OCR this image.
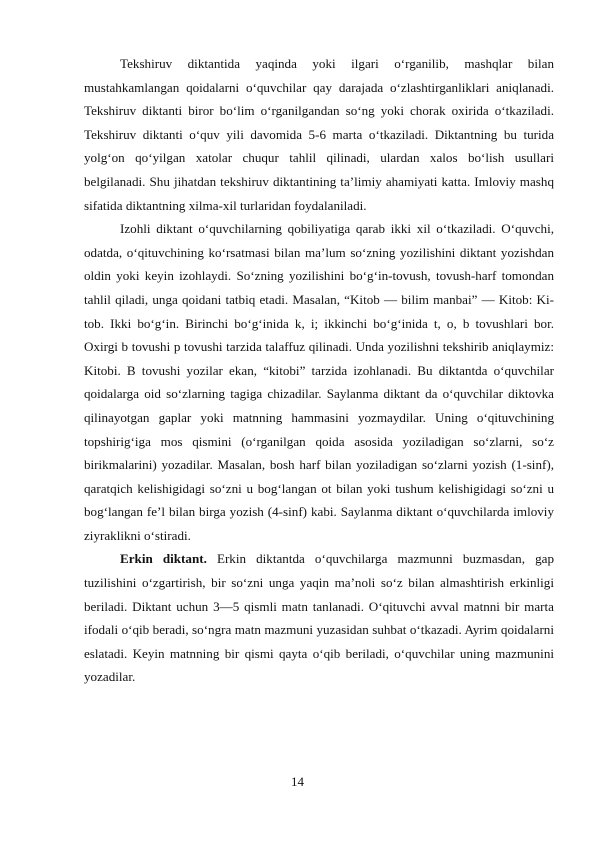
Tekshiruv diktantida yaqinda yoki ilgari o‘rganilib, mashqlar bilan mustahkamlangan qoidalarni o‘quvchilar qay darajada o‘zlashtirganliklari aniqlanadi. Tekshiruv diktanti biror bo‘lim o‘rganilgandan so‘ng yoki chorak oxirida o‘tkaziladi. Tekshiruv diktanti o‘quv yili davomida 5-6 marta o‘tkaziladi. Diktantning bu turida yolg‘on qo‘yilgan xatolar chuqur tahlil qilinadi, ulardan xalos bo‘lish usullari belgilanadi. Shu jihatdan tekshiruv diktantining ta’limiy ahamiyati katta. Imloviy mashq sifatida diktantning xilma-xil turlaridan foydalaniladi.

Izohli diktant o‘quvchilarning qobiliyatiga qarab ikki xil o‘tkaziladi. O‘quvchi, odatda, o‘qituvchining ko‘rsatmasi bilan ma’lum so‘zning yozilishini diktant yozishdan oldin yoki keyin izohlaydi. So‘zning yozilishini bo‘g‘in-tovush, tovush-harf tomondan tahlil qiladi, unga qoidani tatbiq etadi. Masalan, “Kitob — bilim manbai” — Kitob: Ki-tob. Ikki bo‘g‘in. Birinchi bo‘g‘inida k, i; ikkinchi bo‘g‘inida t, o, b tovushlari bor. Oxirgi b tovushi p tovushi tarzida talaffuz qilinadi. Unda yozilishni tekshirib aniqlaymiz: Kitobi. B tovushi yozilar ekan, “kitobi” tarzida izohlanadi. Bu diktantda o‘quvchilar qoidalarga oid so‘zlarning tagiga chizadilar. Saylanma diktant da o‘quvchilar diktovka qilinayotgan gaplar yoki matnning hammasini yozmaydilar. Uning o‘qituvchining topshirig‘iga mos qismini (o‘rganilgan qoida asosida yoziladigan so‘zlarni, so‘z birikmalarini) yozadilar. Masalan, bosh harf bilan yoziladigan so‘zlarni yozish (1-sinf), qaratqich kelishigidagi so‘zni u bog‘langan ot bilan yoki tushum kelishigidagi so‘zni u bog‘langan fe’l bilan birga yozish (4-sinf) kabi. Saylanma diktant o‘quvchilarda imloviy ziyraklikni o‘stiradi.

Erkin diktant. Erkin diktantda o‘quvchilarga mazmunni buzmasdan, gap tuzilishini o‘zgartirish, bir so‘zni unga yaqin ma’noli so‘z bilan almashtirish erkinligi beriladi. Diktant uchun 3—5 qismli matn tanlanadi. O‘qituvchi avval matnni bir marta ifodali o‘qib beradi, so‘ngra matn mazmuni yuzasidan suhbat o‘tkazadi. Ayrim qoidalarni eslatadi. Keyin matnning bir qismi qayta o‘qib beriladi, o‘quvchilar uning mazmunini yozadilar.

14
